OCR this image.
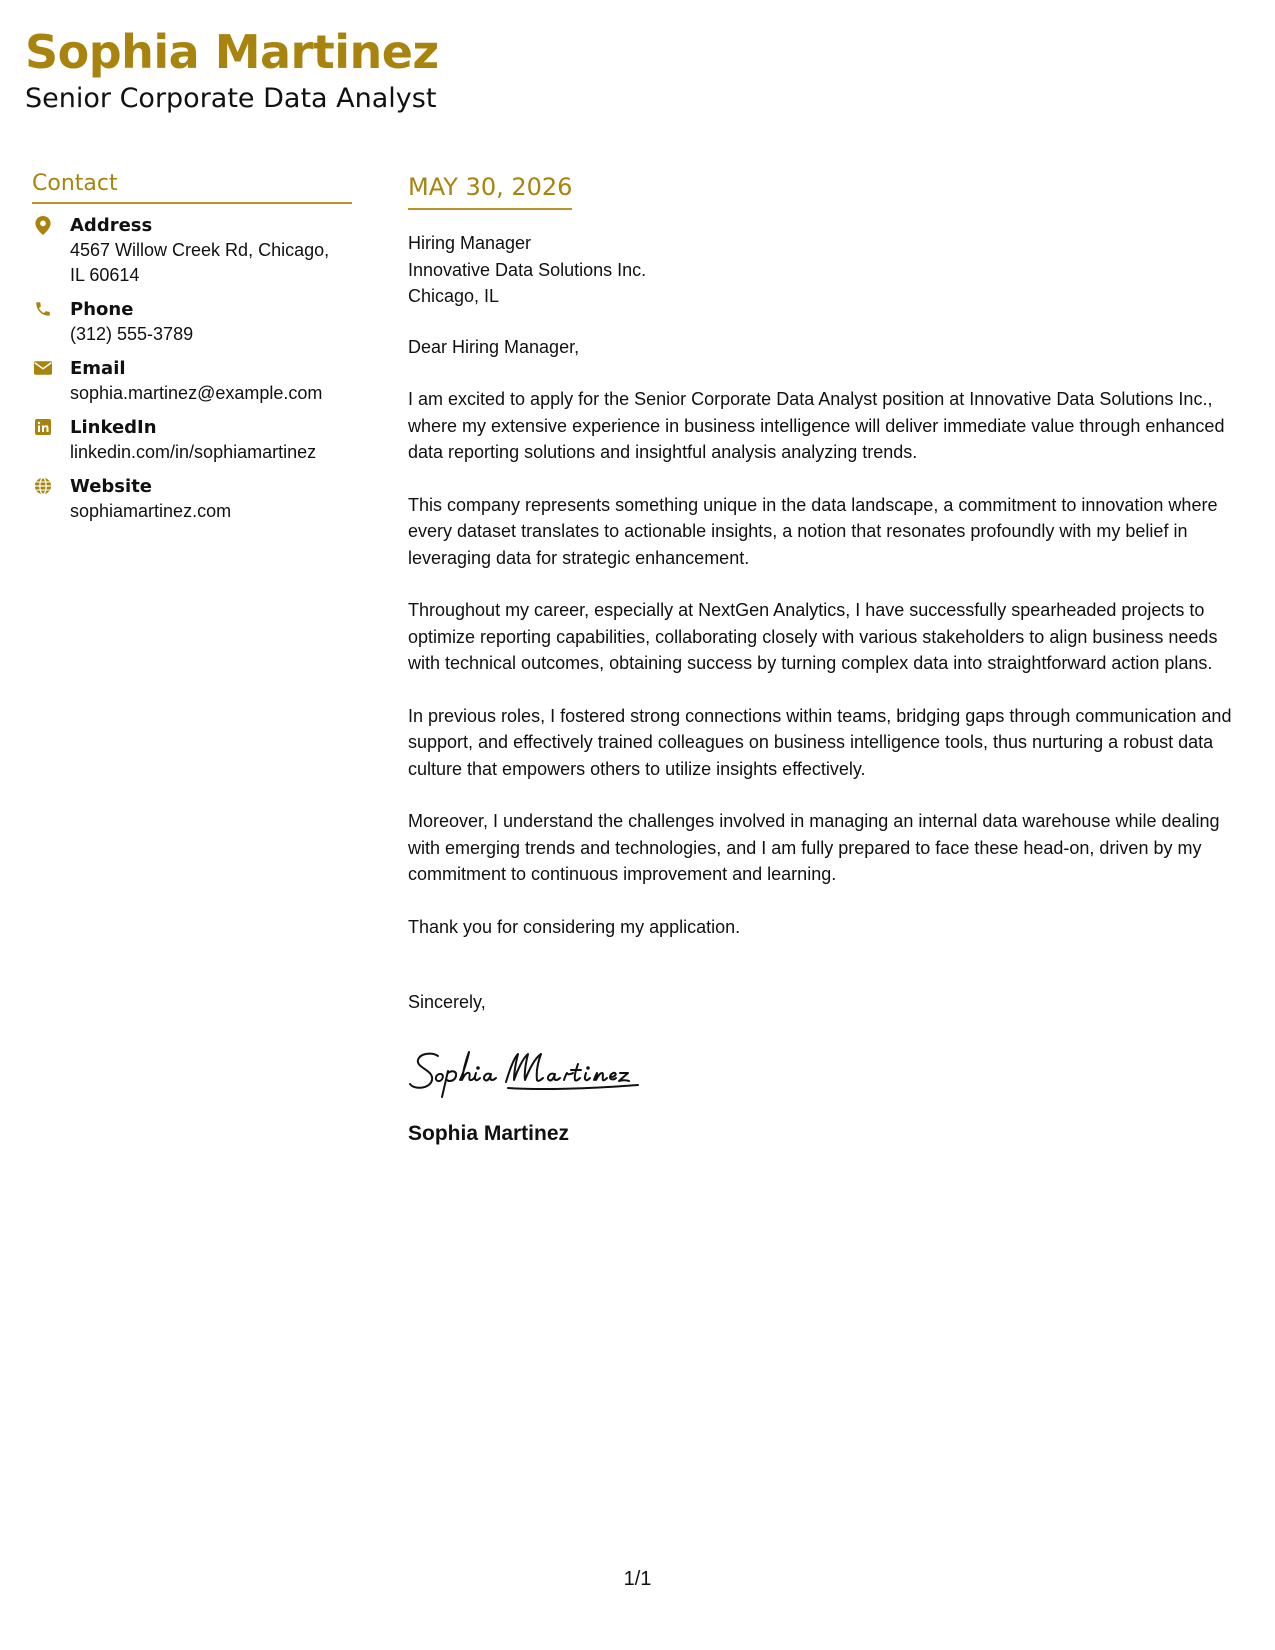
Sophia Martinez

Senior Corporate Data Analyst

Contact
Address
4567 Willow Creek Rd, Chicago,
IL 60614
Phone
(312) 555-3789
Email
sophia.martinez@example.com
LinkedIn
linkedin.com/in/sophiamartinez
Website
sophiamartinez.com
MAY 30, 2026
Hiring Manager
Innovative Data Solutions Inc.
Chicago, IL
Dear Hiring Manager,

I am excited to apply for the Senior Corporate Data Analyst position at Innovative Data Solutions Inc., where my extensive experience in business intelligence will deliver immediate value through enhanced data reporting solutions and insightful analysis analyzing trends.

This company represents something unique in the data landscape, a commitment to innovation where every dataset translates to actionable insights, a notion that resonates profoundly with my belief in leveraging data for strategic enhancement.

Throughout my career, especially at NextGen Analytics, I have successfully spearheaded projects to optimize reporting capabilities, collaborating closely with various stakeholders to align business needs with technical outcomes, obtaining success by turning complex data into straightforward action plans.

In previous roles, I fostered strong connections within teams, bridging gaps through communication and support, and effectively trained colleagues on business intelligence tools, thus nurturing a robust data culture that empowers others to utilize insights effectively.

Moreover, I understand the challenges involved in managing an internal data warehouse while dealing with emerging trends and technologies, and I am fully prepared to face these head-on, driven by my commitment to continuous improvement and learning.

Thank you for considering my application.

Sincerely,
Sophia Martinez
1/1
